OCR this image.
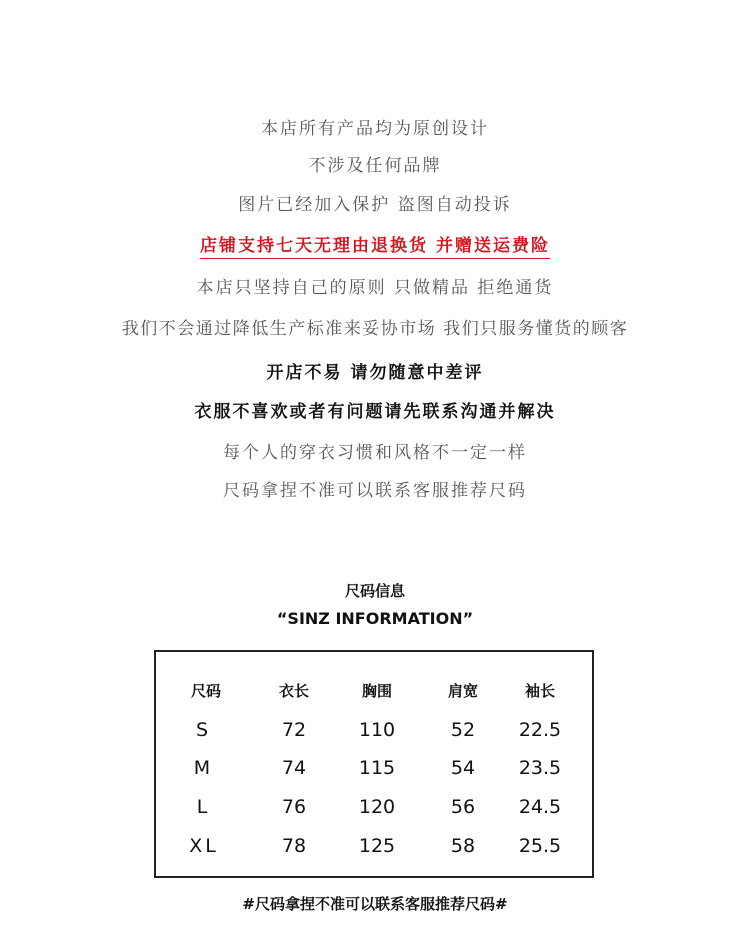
本店所有产品均为原创设计
不涉及任何品牌
图片已经加入保护 盗图自动投诉
店铺支持七天无理由退换货 并赠送运费险
本店只坚持自己的原则 只做精品 拒绝通货
我们不会通过降低生产标准来妥协市场 我们只服务懂货的顾客
开店不易 请勿随意中差评
衣服不喜欢或者有问题请先联系沟通并解决
每个人的穿衣习惯和风格不一定一样
尺码拿捏不准可以联系客服推荐尺码
尺码信息
“SINZ INFORMATION”
尺码	衣长	胸围	肩宽	袖长
S	72	110	52	22.5
M	74	115	54	23.5
L	76	120	56	24.5
XL	78	125	58	25.5
#尺码拿捏不准可以联系客服推荐尺码#
